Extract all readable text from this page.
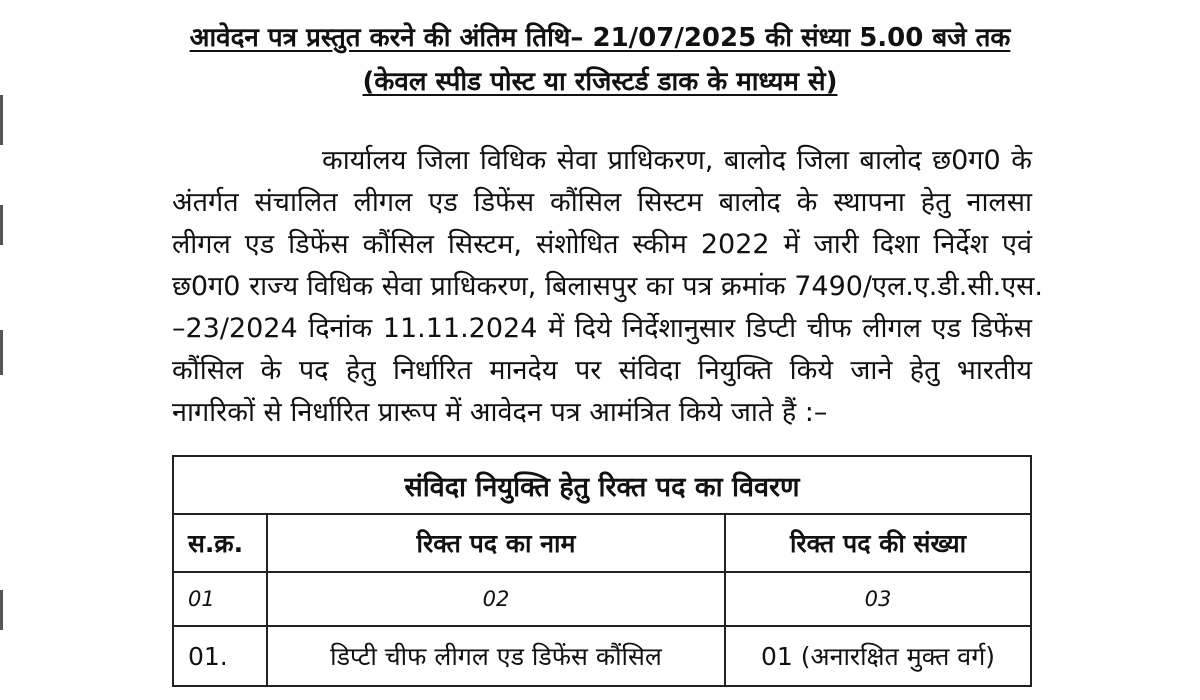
आवेदन पत्र प्रस्तुत करने की अंतिम तिथि– 21/07/2025 की संध्या 5.00 बजे तक
(केवल स्पीड पोस्ट या रजिस्टर्ड डाक के माध्यम से)
कार्यालय जिला विधिक सेवा प्राधिकरण, बालोद जिला बालोद छ0ग0 के
अंतर्गत संचालित लीगल एड डिफेंस कौंसिल सिस्टम बालोद के स्थापना हेतु नालसा
लीगल एड डिफेंस कौंसिल सिस्टम, संशोधित स्कीम 2022 में जारी दिशा निर्देश एवं
छ0ग0 राज्य विधिक सेवा प्राधिकरण, बिलासपुर का पत्र क्रमांक 7490/एल.ए.डी.सी.एस.
–23/2024 दिनांक 11.11.2024 में दिये निर्देशानुसार डिप्टी चीफ लीगल एड डिफेंस
कौंसिल के पद हेतु निर्धारित मानदेय पर संविदा नियुक्ति किये जाने हेतु भारतीय
नागरिकों से निर्धारित प्रारूप में आवेदन पत्र आमंत्रित किये जाते हैं :–
संविदा नियुक्ति हेतु रिक्त पद का विवरण		
स.क्र.	रिक्त पद का नाम	रिक्त पद की संख्या
01	02	03
01.	डिप्टी चीफ लीगल एड डिफेंस कौंसिल	01 (अनारक्षित मुक्त वर्ग)
